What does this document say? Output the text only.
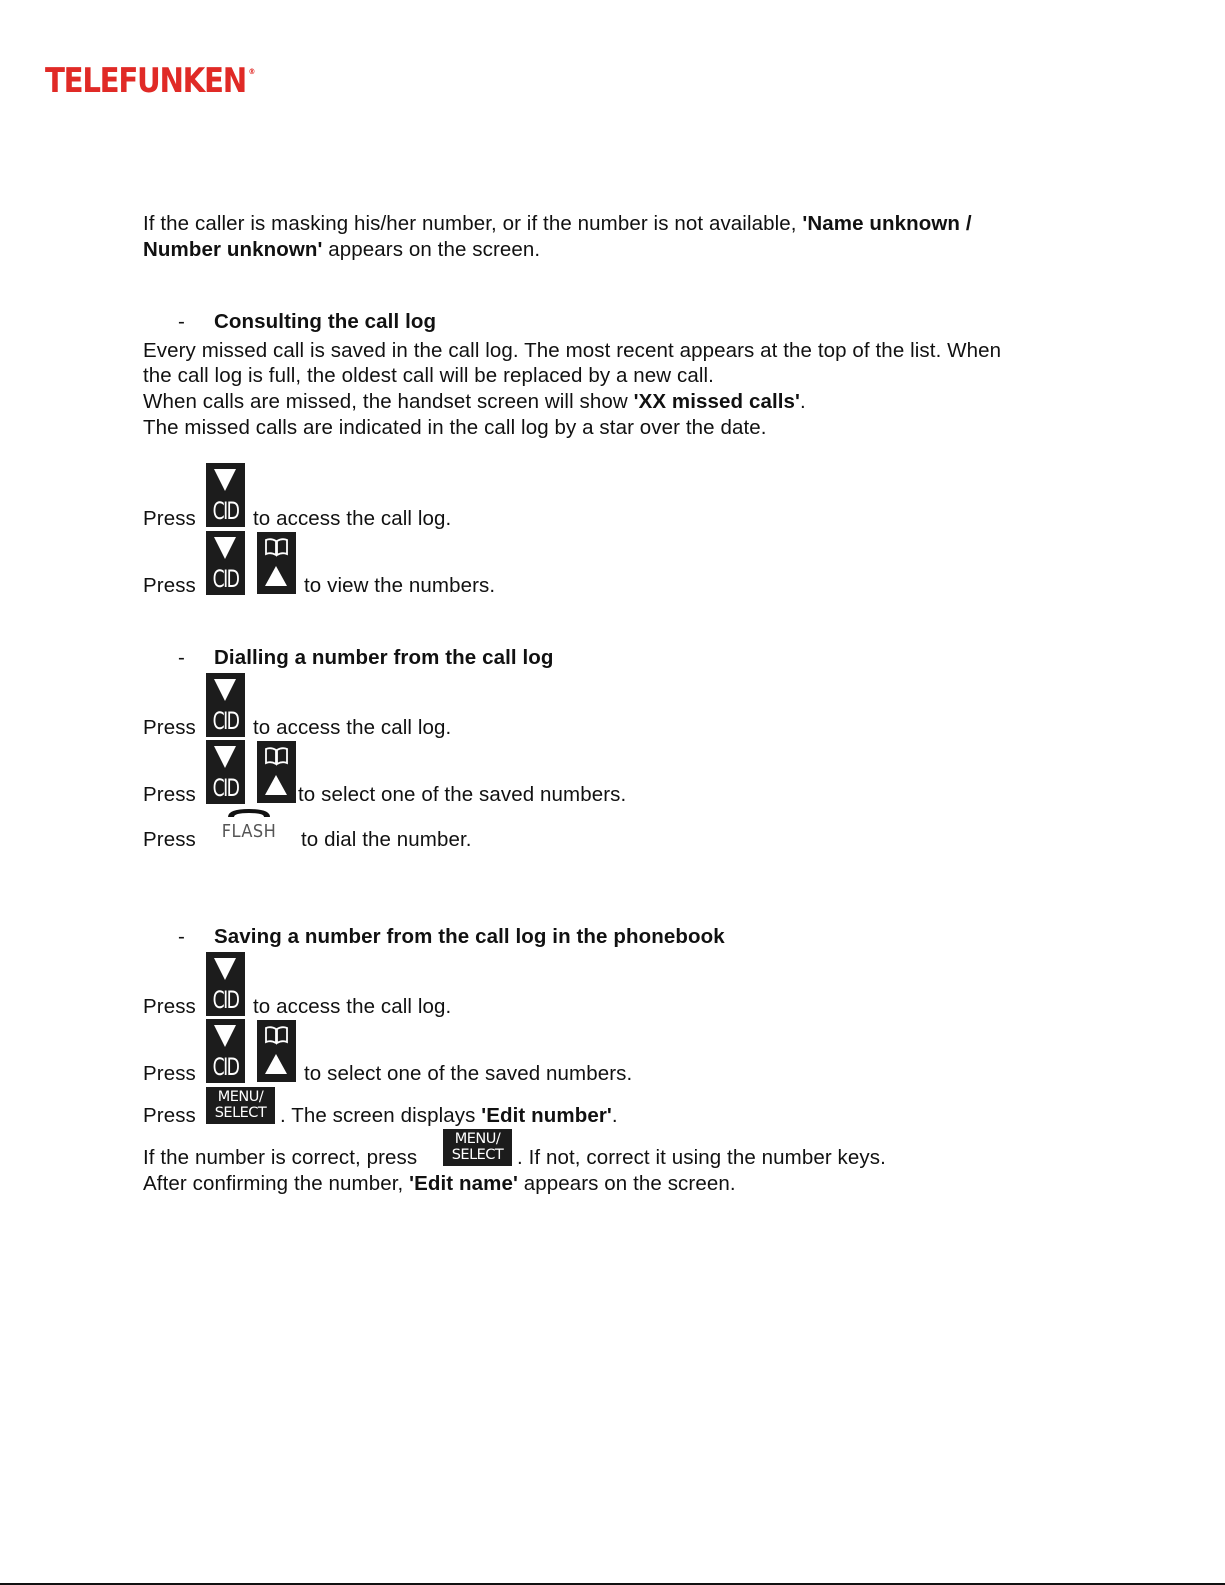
TELEFUNKEN ®
If the caller is masking his/her number, or if the number is not available, 'Name unknown /
Number unknown' appears on the screen.
- Consulting the call log
Every missed call is saved in the call log. The most recent appears at the top of the list. When
the call log is full, the oldest call will be replaced by a new call.
When calls are missed, the handset screen will show 'XX missed calls'.
The missed calls are indicated in the call log by a star over the date.
Press CID to access the call log.
Press CID	to view the numbers.
- Dialling a number from the call log
Press CID to access the call log.
Press CID	to select one of the saved numbers.
Press FLASH to dial the number.
- Saving a number from the call log in the phonebook
Press CID to access the call log.
Press CID	to select one of the saved numbers.
Press
MENU/
SELECT . The screen displays 'Edit number'.
If the number is correct, press
MENU/
SELECT . If not, correct it using the number keys.
After confirming the number, 'Edit name' appears on the screen.
